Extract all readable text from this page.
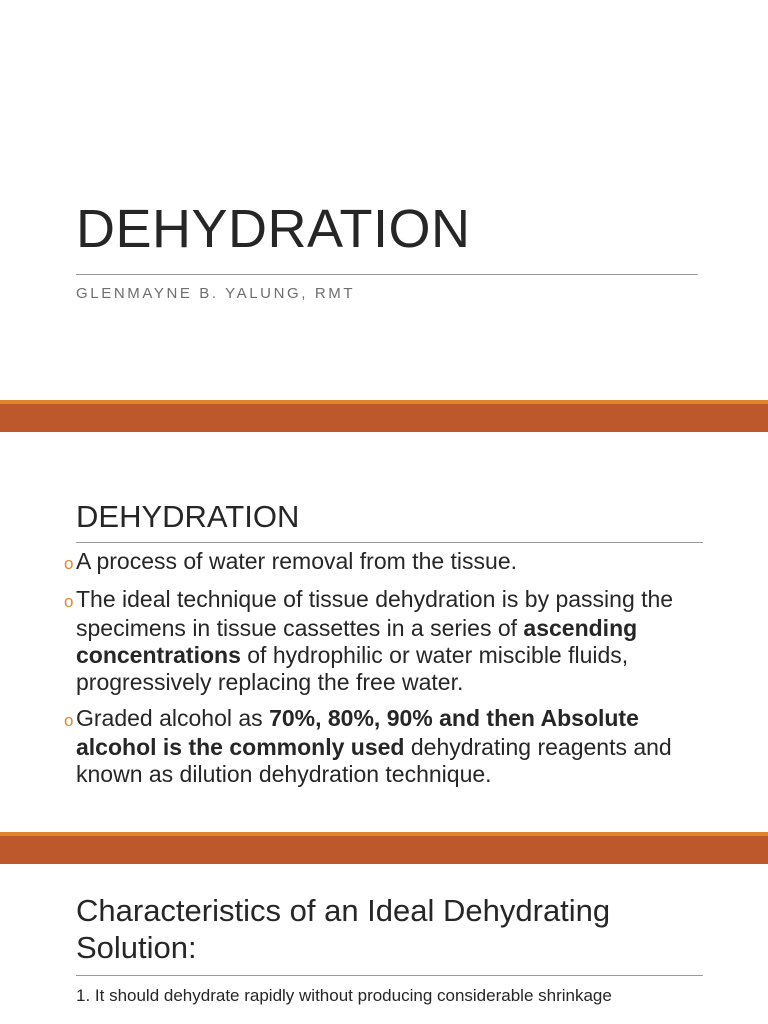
DEHYDRATION
GLENMAYNE B. YALUNG, RMT
DEHYDRATION
o A process of water removal from the tissue.
o The ideal technique of tissue dehydration is by passing the specimens in tissue cassettes in a series of ascending concentrations of hydrophilic or water miscible fluids, progressively replacing the free water.
o Graded alcohol as 70%, 80%, 90% and then Absolute alcohol is the commonly used dehydrating reagents and known as dilution dehydration technique.
Characteristics of an Ideal Dehydrating Solution:
1. It should dehydrate rapidly without producing considerable shrinkage
